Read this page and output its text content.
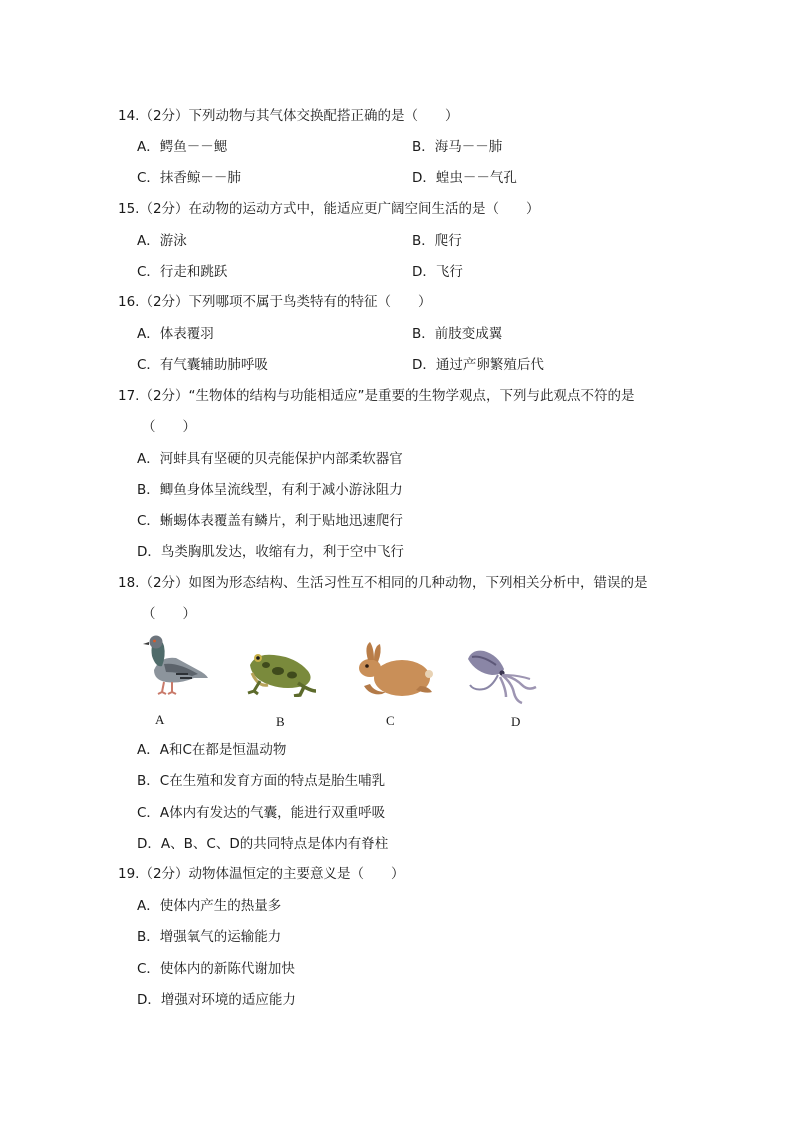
14.（2分）下列动物与其气体交换配搭正确的是（　　）
A．鳄鱼－－鳃	B．海马－－肺
C．抹香鲸－－肺	D．蝗虫－－气孔
15.（2分）在动物的运动方式中，能适应更广阔空间生活的是（　　）
A．游泳	B．爬行
C．行走和跳跃	D．飞行
16.（2分）下列哪项不属于鸟类特有的特征（　　）
A．体表覆羽	B．前肢变成翼
C．有气囊辅助肺呼吸	D．通过产卵繁殖后代
17.（2分）“生物体的结构与功能相适应”是重要的生物学观点，下列与此观点不符的是
（　　）
A．河蚌具有坚硬的贝壳能保护内部柔软器官
B．鲫鱼身体呈流线型，有利于减小游泳阻力
C．蜥蜴体表覆盖有鳞片，利于贴地迅速爬行
D．鸟类胸肌发达，收缩有力，利于空中飞行
18.（2分）如图为形态结构、生活习性互不相同的几种动物，下列相关分析中，错误的是
（　　）
A	B	C	D
A．A和C在都是恒温动物
B．C在生殖和发育方面的特点是胎生哺乳
C．A体内有发达的气囊，能进行双重呼吸
D．A、B、C、D的共同特点是体内有脊柱
19.（2分）动物体温恒定的主要意义是（　　）
A．使体内产生的热量多
B．增强氧气的运输能力
C．使体内的新陈代谢加快
D．增强对环境的适应能力
